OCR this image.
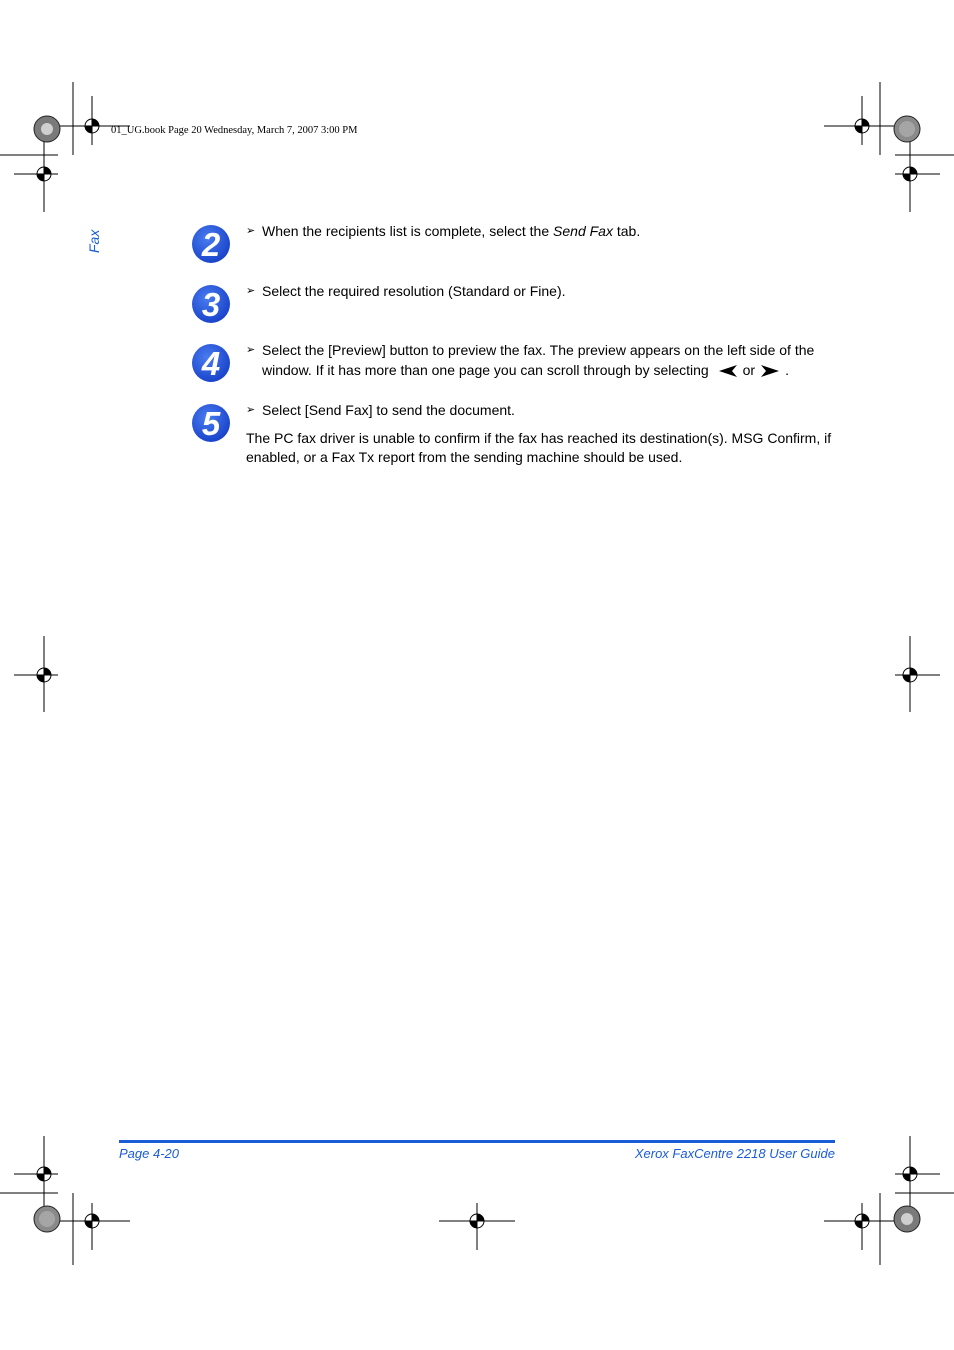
01_UG.book Page 20 Wednesday, March 7, 2007 3:00 PM
Fax	2
3
4
5
➢ When the recipients list is complete, select the Send Fax tab.
➢ Select the required resolution (Standard or Fine).
➢ Select the [Preview] button to preview the fax. The preview appears on the left side of the
window. If it has more than one page you can scroll through by selecting or .
➢ Select [Send Fax] to send the document.
The PC fax driver is unable to confirm if the fax has reached its destination(s). MSG Confirm, if enabled, or a Fax Tx report from the sending machine should be used.
Page 4-20	Xerox FaxCentre 2218 User Guide
